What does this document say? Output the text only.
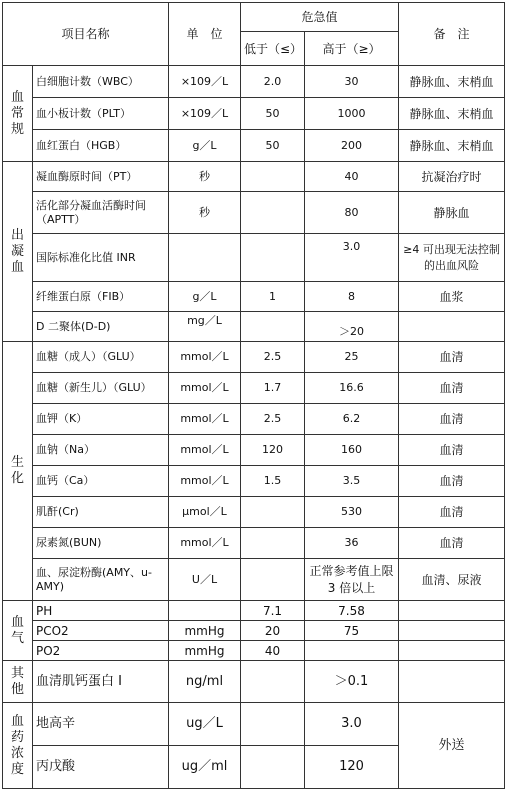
项目名称		单　位	危急值		备　注
			低于（≤）	高于（≥）	
血常规	白细胞计数（WBC）	×109／L	2.0	30	静脉血、末梢血
	血小板计数（PLT）	×109／L	50	1000	静脉血、末梢血
	血红蛋白（HGB）	g／L	50	200	静脉血、末梢血
出凝血	凝血酶原时间（PT）	秒		40	抗凝治疗时
	活化部分凝血活酶时间（APTT）	秒		80	静脉血
	国际标准化比值 INR			3.0	≥4 可出现无法控制的出血风险
	纤维蛋白原（FIB）	g／L	1	8	血浆
	D 二聚体(D-D)	mg／L		＞20	
生化	血糖（成人）（GLU）	mmol／L	2.5	25	血清
	血糖（新生儿）（GLU）	mmol／L	1.7	16.6	血清
	血钾（K）	mmol／L	2.5	6.2	血清
	血钠（Na）	mmol／L	120	160	血清
	血钙（Ca）	mmol／L	1.5	3.5	血清
	肌酐(Cr)	μmol／L		530	血清
	尿素氮(BUN)	mmol／L		36	血清
	血、尿淀粉酶(AMY、u-AMY)	U／L		正常参考值上限 3 倍以上	血清、尿液
血气	PH		7.1	7.58	
	PCO2	mmHg	20	75	
	PO2	mmHg	40		
其他	血清肌钙蛋白 I	ng/ml		＞0.1	
血药浓度	地高辛	ug／L		3.0	外送
	丙戊酸	ug／ml		120	
